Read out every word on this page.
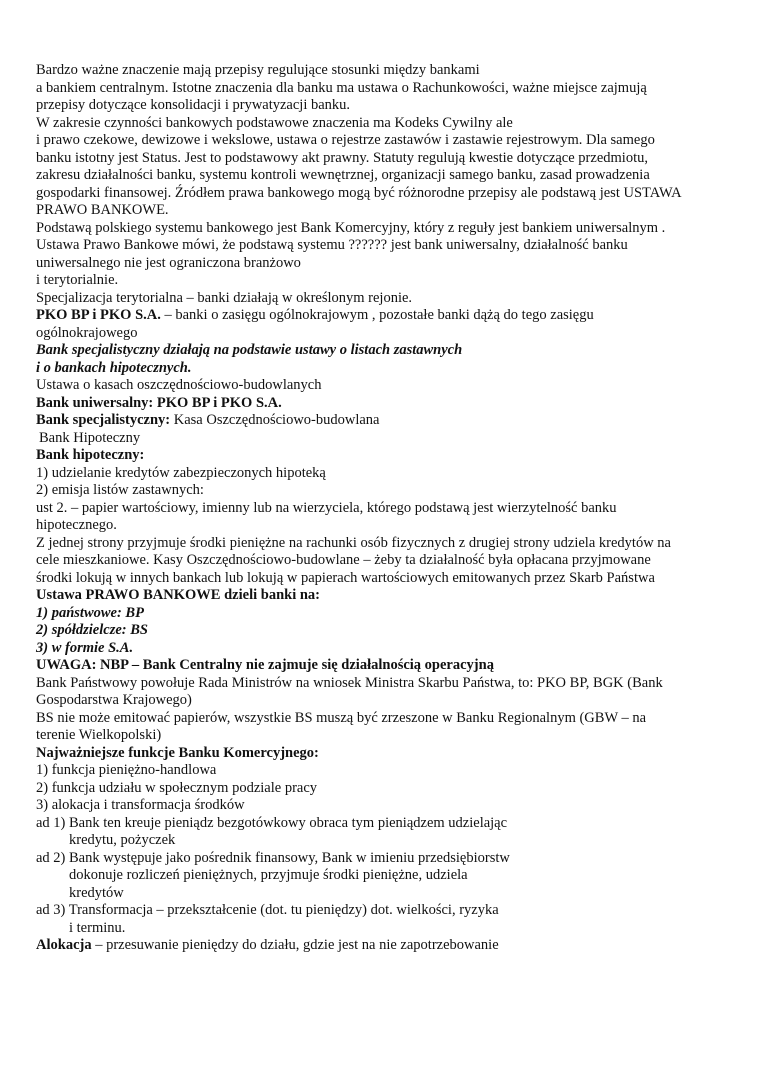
Bardzo ważne znaczenie mają przepisy regulujące stosunki między bankami
a bankiem centralnym. Istotne znaczenia dla banku ma ustawa o Rachunkowości, ważne miejsce zajmują
przepisy dotyczące konsolidacji i prywatyzacji banku.
W zakresie czynności bankowych podstawowe znaczenia ma Kodeks Cywilny ale
i prawo czekowe, dewizowe i wekslowe, ustawa o rejestrze zastawów i zastawie rejestrowym. Dla samego
banku istotny jest Status. Jest to podstawowy akt prawny. Statuty regulują kwestie dotyczące przedmiotu,
zakresu działalności banku, systemu kontroli wewnętrznej, organizacji samego banku, zasad prowadzenia
gospodarki finansowej. Źródłem prawa bankowego mogą być różnorodne przepisy ale podstawą jest USTAWA
PRAWO BANKOWE.
Podstawą polskiego systemu bankowego jest Bank Komercyjny, który z reguły jest bankiem uniwersalnym .
Ustawa Prawo Bankowe mówi, że podstawą systemu ?????? jest bank uniwersalny, działalność banku
uniwersalnego nie jest ograniczona branżowo
i terytorialnie.
Specjalizacja terytorialna – banki działają w określonym rejonie.
PKO BP i PKO S.A. – banki o zasięgu ogólnokrajowym , pozostałe banki dążą do tego zasięgu
ogólnokrajowego
Bank specjalistyczny działają na podstawie ustawy o listach zastawnych
i o bankach hipotecznych.
Ustawa o kasach oszczędnościowo-budowlanych
Bank uniwersalny: PKO BP i PKO S.A.
Bank specjalistyczny: Kasa Oszczędnościowo-budowlana
Bank Hipoteczny
Bank hipoteczny:
1) udzielanie kredytów zabezpieczonych hipoteką
2) emisja listów zastawnych:
ust 2. – papier wartościowy, imienny lub na wierzyciela, którego podstawą jest wierzytelność banku
hipotecznego.
Z jednej strony przyjmuje środki pieniężne na rachunki osób fizycznych z drugiej strony udziela kredytów na
cele mieszkaniowe. Kasy Oszczędnościowo-budowlane – żeby ta działalność była opłacana przyjmowane
środki lokują w innych bankach lub lokują w papierach wartościowych emitowanych przez Skarb Państwa
Ustawa PRAWO BANKOWE dzieli banki na:
1) państwowe: BP
2) spółdzielcze: BS
3) w formie S.A.
UWAGA: NBP – Bank Centralny nie zajmuje się działalnością operacyjną
Bank Państwowy powołuje Rada Ministrów na wniosek Ministra Skarbu Państwa, to: PKO BP, BGK (Bank
Gospodarstwa Krajowego)
BS nie może emitować papierów, wszystkie BS muszą być zrzeszone w Banku Regionalnym (GBW – na
terenie Wielkopolski)
Najważniejsze funkcje Banku Komercyjnego:
1) funkcja pieniężno-handlowa
2) funkcja udziału w społecznym podziale pracy
3) alokacja i transformacja środków
ad 1) Bank ten kreuje pieniądz bezgotówkowy obraca tym pieniądzem udzielając
kredytu, pożyczek
ad 2) Bank występuje jako pośrednik finansowy, Bank w imieniu przedsiębiorstw
dokonuje rozliczeń pieniężnych, przyjmuje środki pieniężne, udziela
kredytów
ad 3) Transformacja – przekształcenie (dot. tu pieniędzy) dot. wielkości, ryzyka
i terminu.
Alokacja – przesuwanie pieniędzy do działu, gdzie jest na nie zapotrzebowanie
